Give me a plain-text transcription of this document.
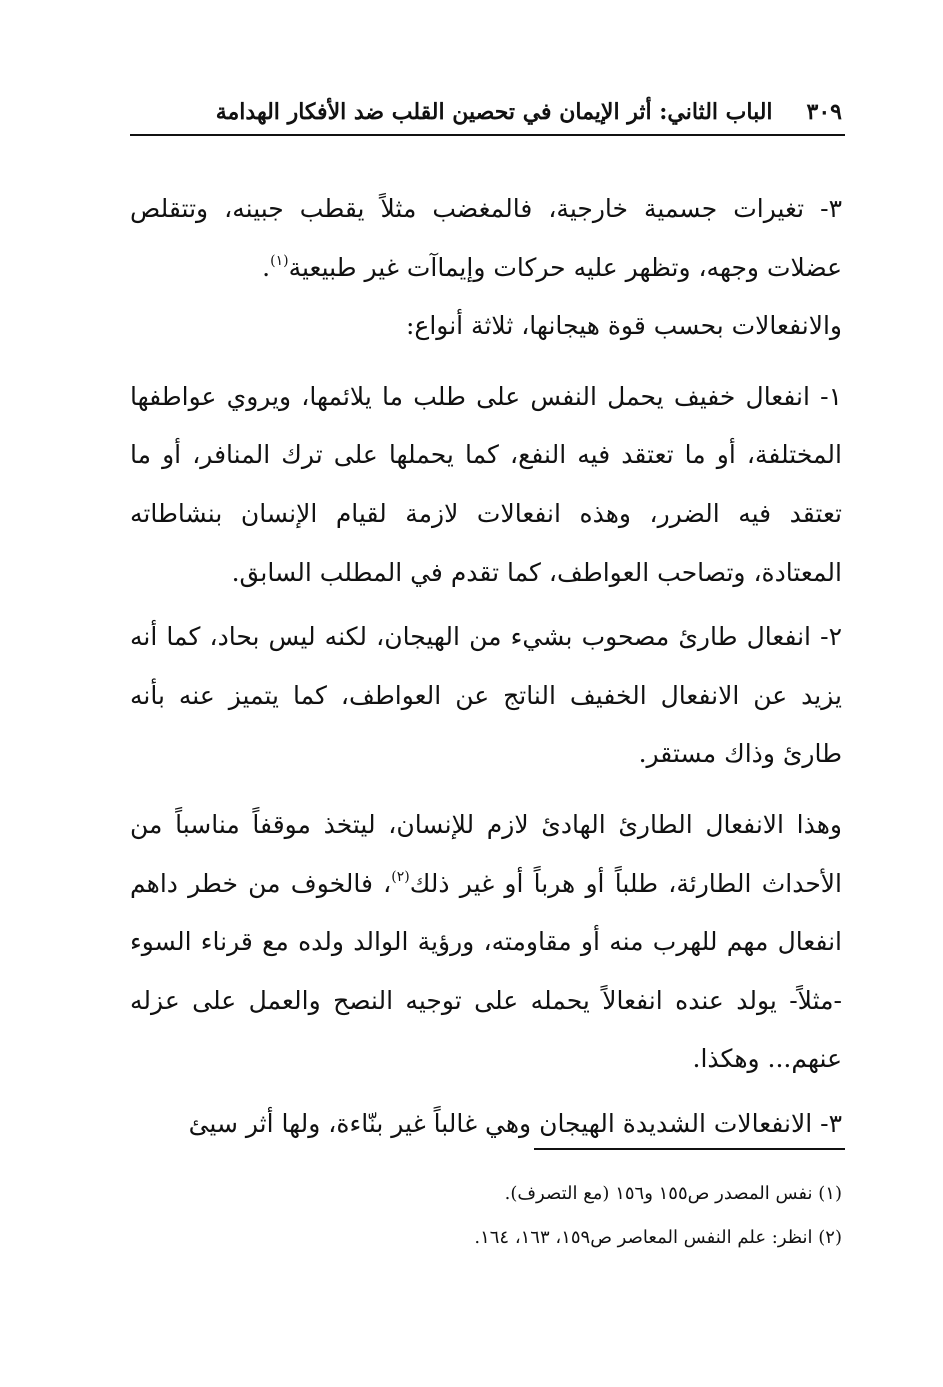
٣٠٩
الباب الثاني: أثر الإيمان في تحصين القلب ضد الأفكار الهدامة

٣- تغيرات جسمية خارجية، فالمغضب مثلاً يقطب جبينه، وتتقلص عضلات وجهه، وتظهر عليه حركات وإيماآت غير طبيعية$^{(١)}$.

والانفعالات بحسب قوة هيجانها، ثلاثة أنواع:

١- انفعال خفيف يحمل النفس على طلب ما يلائمها، ويروي عواطفها المختلفة، أو ما تعتقد فيه النفع، كما يحملها على ترك المنافر، أو ما تعتقد فيه الضرر، وهذه انفعالات لازمة لقيام الإنسان بنشاطاته المعتادة، وتصاحب العواطف، كما تقدم في المطلب السابق.

٢- انفعال طارئ مصحوب بشيء من الهيجان، لكنه ليس بحاد، كما أنه يزيد عن الانفعال الخفيف الناتج عن العواطف، كما يتميز عنه بأنه طارئ وذاك مستقر.

وهذا الانفعال الطارئ الهادئ لازم للإنسان، ليتخذ موقفاً مناسباً من الأحداث الطارئة، طلباً أو هرباً أو غير ذلك$^{(٢)}$، فالخوف من خطر داهم انفعال مهم للهرب منه أو مقاومته، ورؤية الوالد ولده مع قرناء السوء -مثلاً- يولد عنده انفعالاً يحمله على توجيه النصح والعمل على عزله عنهم... وهكذا.

٣- الانفعالات الشديدة الهيجان وهي غالباً غير بنّاءة، ولها أثر سيئ

(١) نفس المصدر ص١٥٥ و١٥٦ (مع التصرف).

(٢) انظر: علم النفس المعاصر ص١٥٩، ١٦٣، ١٦٤.
